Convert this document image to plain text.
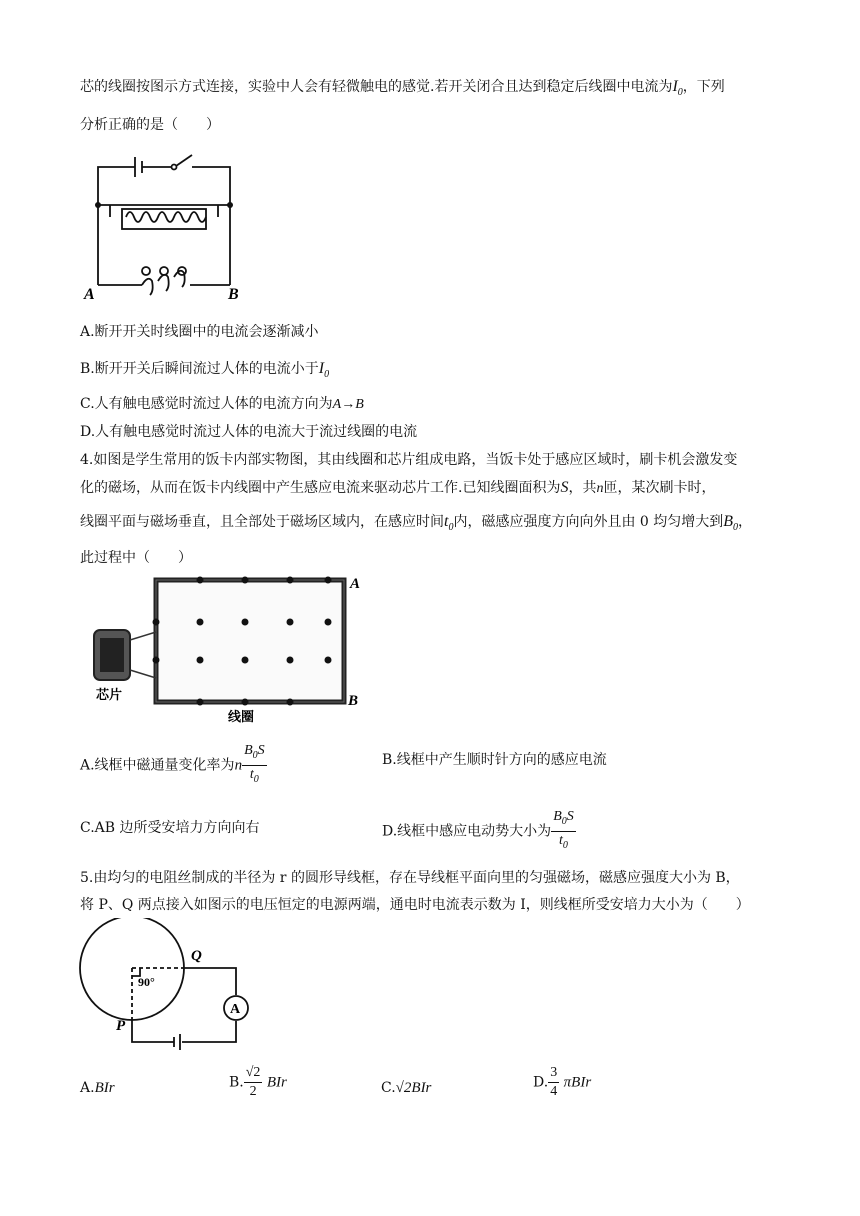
芯的线圈按图示方式连接，实验中人会有轻微触电的感觉.若开关闭合且达到稳定后线圈中电流为$I_0$，下列
分析正确的是（　　）
A	B
A.断开开关时线圈中的电流会逐渐减小
B.断开开关后瞬间流过人体的电流小于$I_0$
C.人有触电感觉时流过人体的电流方向为A→B
D.人有触电感觉时流过人体的电流大于流过线圈的电流
4.如图是学生常用的饭卡内部实物图，其由线圈和芯片组成电路，当饭卡处于感应区域时，刷卡机会激发变
化的磁场，从而在饭卡内线圈中产生感应电流来驱动芯片工作.已知线圈面积为S，共n匝，某次刷卡时，
线圈平面与磁场垂直，且全部处于磁场区域内，在感应时间$t_0$内，磁感应强度方向向外且由 0 均匀增大到$B_0$，
此过程中（　　）
A
B
芯片
线圈
A.线框中磁通量变化率为n $\frac{B_0S}{t_0}$	B.线框中产生顺时针方向的感应电流
C.AB 边所受安培力方向向右	D.线框中感应电动势大小为 $\frac{B_0S}{t_0}$
5.由均匀的电阻丝制成的半径为 r 的圆形导线框，存在导线框平面向里的匀强磁场，磁感应强度大小为 B，
将 P、Q 两点接入如图示的电压恒定的电源两端，通电时电流表示数为 I，则线框所受安培力大小为（　　）
Q
P
90°
A
A.BIr	B. $\frac{√2}{2}$ BIr	C.√2BIr	D. $\frac{3}{4}$ πBIr
